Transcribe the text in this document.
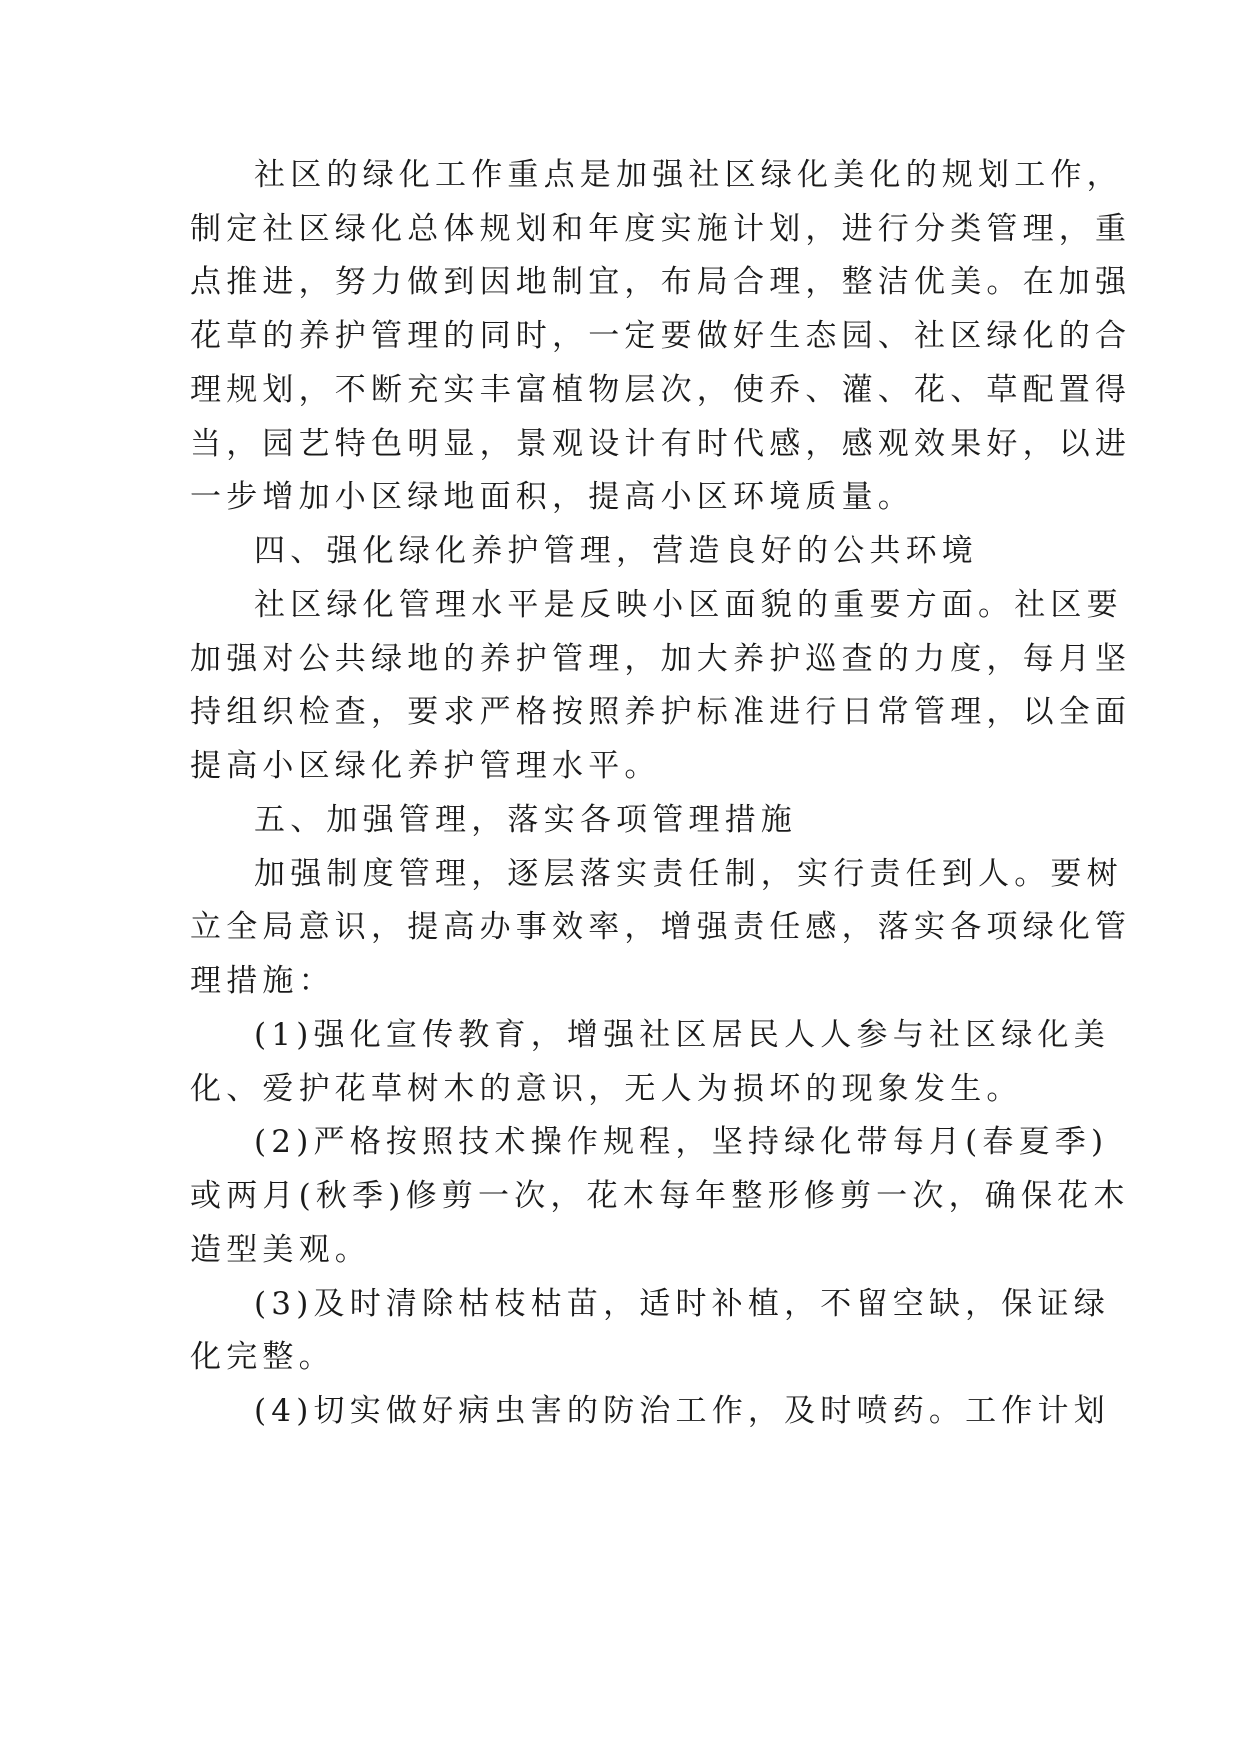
社区的绿化工作重点是加强社区绿化美化的规划工作，
制定社区绿化总体规划和年度实施计划，进行分类管理，重
点推进，努力做到因地制宜，布局合理，整洁优美。在加强
花草的养护管理的同时，一定要做好生态园、社区绿化的合
理规划，不断充实丰富植物层次，使乔、灌、花、草配置得
当，园艺特色明显，景观设计有时代感，感观效果好，以进
一步增加小区绿地面积，提高小区环境质量。
四、强化绿化养护管理，营造良好的公共环境
社区绿化管理水平是反映小区面貌的重要方面。社区要
加强对公共绿地的养护管理，加大养护巡查的力度，每月坚
持组织检查，要求严格按照养护标准进行日常管理，以全面
提高小区绿化养护管理水平。
五、加强管理，落实各项管理措施
加强制度管理，逐层落实责任制，实行责任到人。要树
立全局意识，提高办事效率，增强责任感，落实各项绿化管
理措施：
(1)强化宣传教育，增强社区居民人人参与社区绿化美
化、爱护花草树木的意识，无人为损坏的现象发生。
(2)严格按照技术操作规程，坚持绿化带每月(春夏季)
或两月(秋季)修剪一次，花木每年整形修剪一次，确保花木
造型美观。
(3)及时清除枯枝枯苗，适时补植，不留空缺，保证绿
化完整。
(4)切实做好病虫害的防治工作，及时喷药。工作计划
